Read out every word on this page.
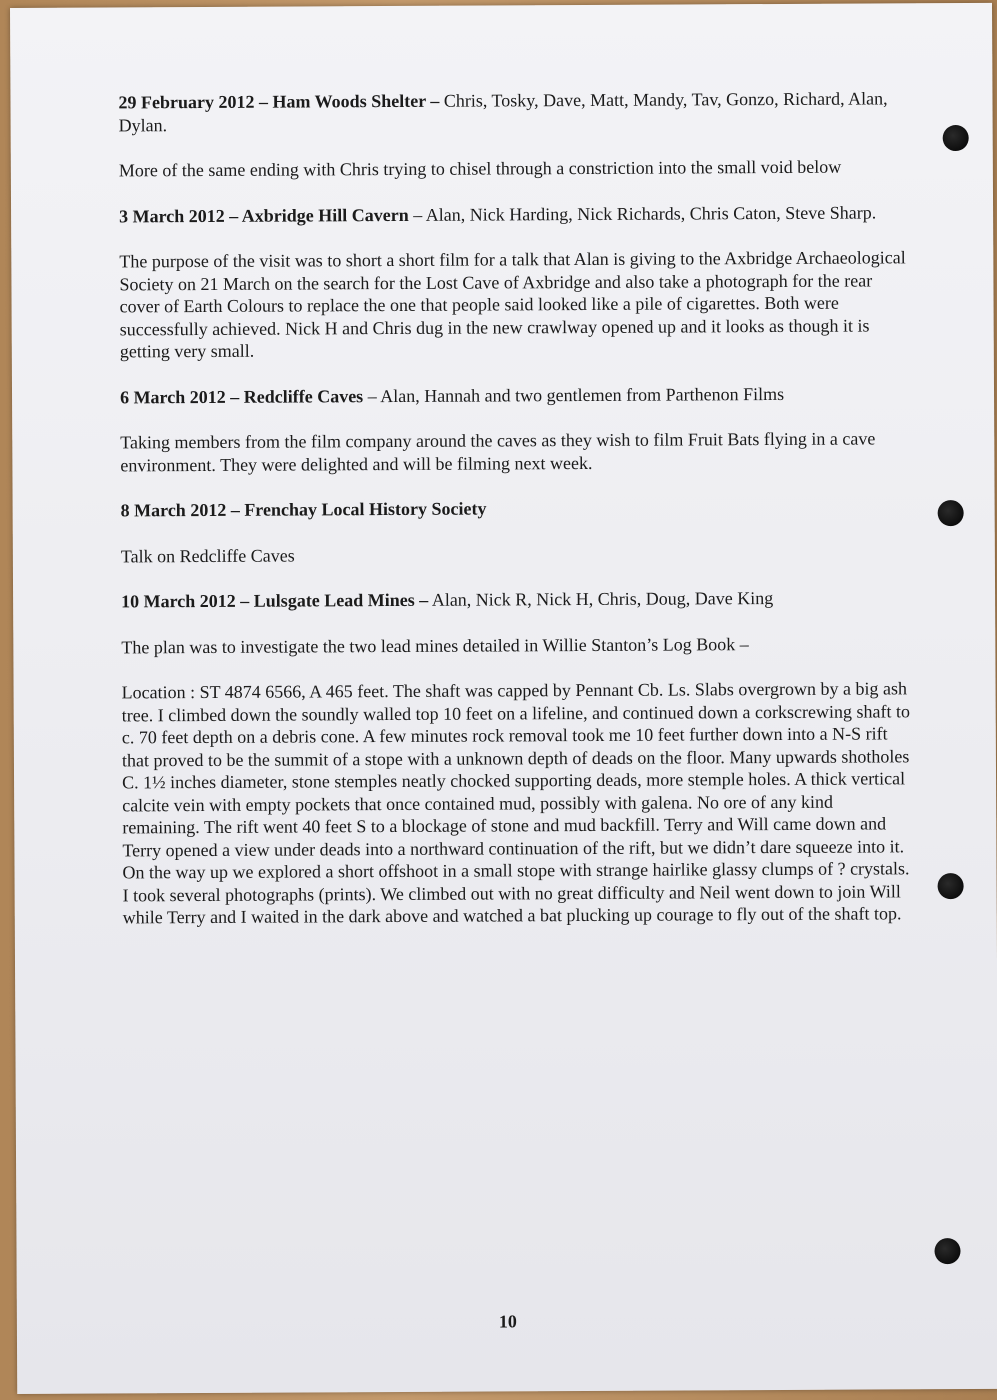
29 February 2012 – Ham Woods Shelter – Chris, Tosky, Dave, Matt, Mandy, Tav, Gonzo, Richard, Alan, Dylan.

More of the same ending with Chris trying to chisel through a constriction into the small void below

3 March 2012 – Axbridge Hill Cavern – Alan, Nick Harding, Nick Richards, Chris Caton, Steve Sharp.

The purpose of the visit was to short a short film for a talk that Alan is giving to the Axbridge Archaeological Society on 21 March on the search for the Lost Cave of Axbridge and also take a photograph for the rear cover of Earth Colours to replace the one that people said looked like a pile of cigarettes. Both were successfully achieved. Nick H and Chris dug in the new crawlway opened up and it looks as though it is getting very small.

6 March 2012 – Redcliffe Caves – Alan, Hannah and two gentlemen from Parthenon Films

Taking members from the film company around the caves as they wish to film Fruit Bats flying in a cave environment. They were delighted and will be filming next week.

8 March 2012 – Frenchay Local History Society

Talk on Redcliffe Caves

10 March 2012 – Lulsgate Lead Mines – Alan, Nick R, Nick H, Chris, Doug, Dave King

The plan was to investigate the two lead mines detailed in Willie Stanton’s Log Book –

Location : ST 4874 6566, A 465 feet. The shaft was capped by Pennant Cb. Ls. Slabs overgrown by a big ash tree. I climbed down the soundly walled top 10 feet on a lifeline, and continued down a corkscrewing shaft to c. 70 feet depth on a debris cone. A few minutes rock removal took me 10 feet further down into a N-S rift that proved to be the summit of a stope with a unknown depth of deads on the floor. Many upwards shotholes C. 1½ inches diameter, stone stemples neatly chocked supporting deads, more stemple holes. A thick vertical calcite vein with empty pockets that once contained mud, possibly with galena. No ore of any kind remaining. The rift went 40 feet S to a blockage of stone and mud backfill. Terry and Will came down and Terry opened a view under deads into a northward continuation of the rift, but we didn’t dare squeeze into it. On the way up we explored a short offshoot in a small stope with strange hairlike glassy clumps of ? crystals. I took several photographs (prints). We climbed out with no great difficulty and Neil went down to join Will while Terry and I waited in the dark above and watched a bat plucking up courage to fly out of the shaft top.

10
